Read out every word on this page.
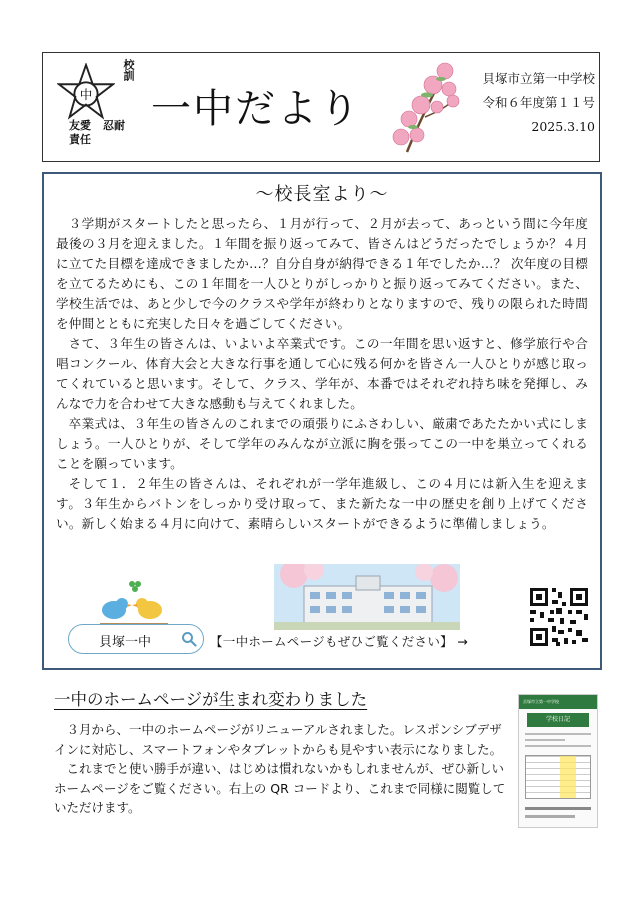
中
校訓
友愛	忍耐
責任
一中だより
貝塚市立第一中学校
令和６年度第１１号
2025.3.10
～校長室より～

３学期がスタートしたと思ったら、１月が行って、２月が去って、あっという間に今年度最後の３月を迎えました。１年間を振り返ってみて、皆さんはどうだったでしょうか？４月に立てた目標を達成できましたか…？自分自身が納得できる１年でしたか…？ 次年度の目標を立てるためにも、この１年間を一人ひとりがしっかりと振り返ってみてください。また、学校生活では、あと少しで今のクラスや学年が終わりとなりますので、残りの限られた時間を仲間とともに充実した日々を過ごしてください。

さて、３年生の皆さんは、いよいよ卒業式です。この一年間を思い返すと、修学旅行や合唱コンクール、体育大会と大きな行事を通して心に残る何かを皆さん一人ひとりが感じ取ってくれていると思います。そして、クラス、学年が、本番ではそれぞれ持ち味を発揮し、みんなで力を合わせて大きな感動も与えてくれました。

卒業式は、３年生の皆さんのこれまでの頑張りにふさわしい、厳粛であたたかい式にしましょう。一人ひとりが、そして学年のみんなが立派に胸を張ってこの一中を巣立ってくれることを願っています。

そして１．２年生の皆さんは、それぞれが一学年進級し、この４月には新入生を迎えます。３年生からバトンをしっかり受け取って、また新たな一中の歴史を創り上げてください。新しく始まる４月に向けて、素晴らしいスタートができるように準備しましょう。

貝塚一中	【一中ホームページもぜひご覧ください】 →
一中のホームページが生まれ変わりました

３月から、一中のホームページがリニューアルされました。レスポンシブデザインに対応し、スマートフォンやタブレットからも見やすい表示になりました。

これまでと使い勝手が違い、はじめは慣れないかもしれませんが、ぜひ新しいホームページをご覧ください。右上の QR コードより、これまで同様に閲覧していただけます。

貝塚市立第一中学校
学校日記
